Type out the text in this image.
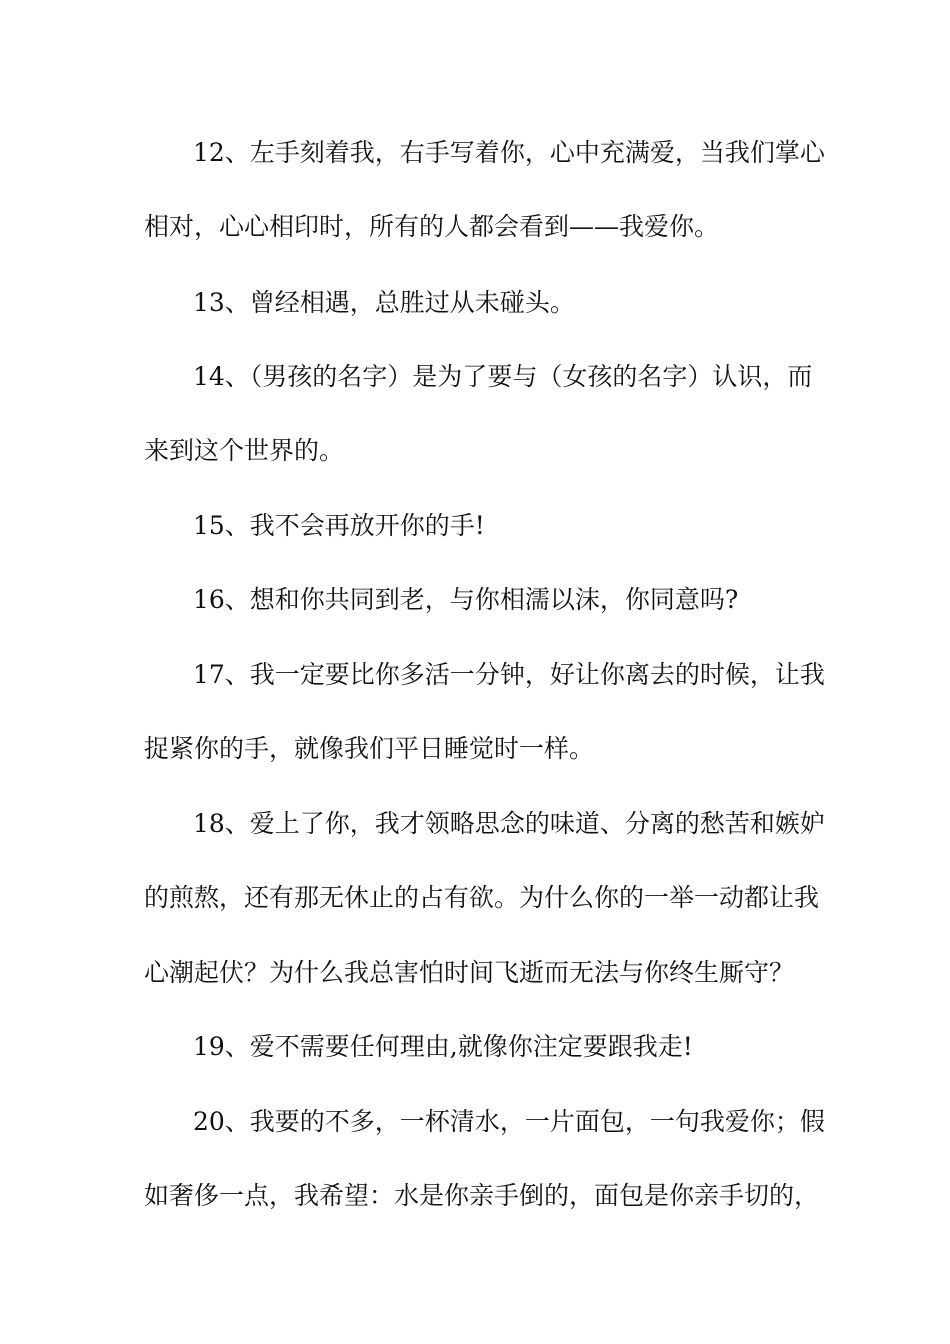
12、左手刻着我，右手写着你，心中充满爱，当我们掌心
相对，心心相印时，所有的人都会看到——我爱你。
13、曾经相遇，总胜过从未碰头。
14、（男孩的名字）是为了要与（女孩的名字）认识，而
来到这个世界的。
15、我不会再放开你的手!
16、想和你共同到老，与你相濡以沫，你同意吗?
17、我一定要比你多活一分钟，好让你离去的时候，让我
捉紧你的手，就像我们平日睡觉时一样。
18、爱上了你，我才领略思念的味道、分离的愁苦和嫉妒
的煎熬，还有那无休止的占有欲。为什么你的一举一动都让我
心潮起伏？为什么我总害怕时间飞逝而无法与你终生厮守？
19、爱不需要任何理由,就像你注定要跟我走!
20、我要的不多，一杯清水，一片面包，一句我爱你；假
如奢侈一点，我希望：水是你亲手倒的，面包是你亲手切的，
